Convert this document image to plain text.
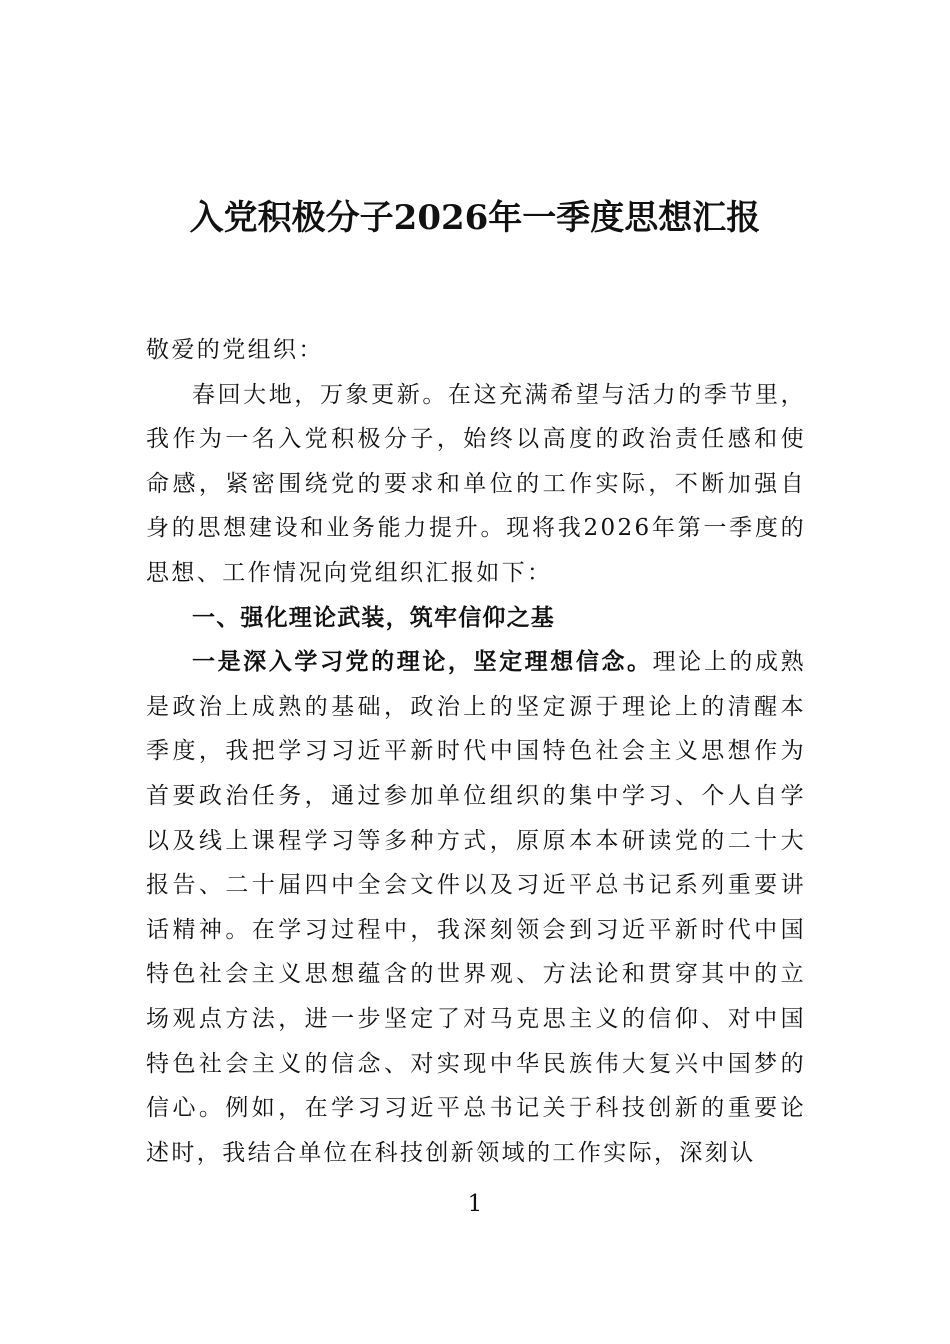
入党积极分子2026年一季度思想汇报

敬爱的党组织：

春回大地，万象更新。在这充满希望与活力的季节里，我作为一名入党积极分子，始终以高度的政治责任感和使命感，紧密围绕党的要求和单位的工作实际，不断加强自身的思想建设和业务能力提升。现将我2026年第一季度的思想、工作情况向党组织汇报如下：

一、强化理论武装，筑牢信仰之基

一是深入学习党的理论，坚定理想信念。理论上的成熟是政治上成熟的基础，政治上的坚定源于理论上的清醒本季度，我把学习习近平新时代中国特色社会主义思想作为首要政治任务，通过参加单位组织的集中学习、个人自学以及线上课程学习等多种方式，原原本本研读党的二十大报告、二十届四中全会文件以及习近平总书记系列重要讲话精神。在学习过程中，我深刻领会到习近平新时代中国特色社会主义思想蕴含的世界观、方法论和贯穿其中的立场观点方法，进一步坚定了对马克思主义的信仰、对中国特色社会主义的信念、对实现中华民族伟大复兴中国梦的信心。例如，在学习习近平总书记关于科技创新的重要论述时，我结合单位在科技创新领域的工作实际，深刻认

1
